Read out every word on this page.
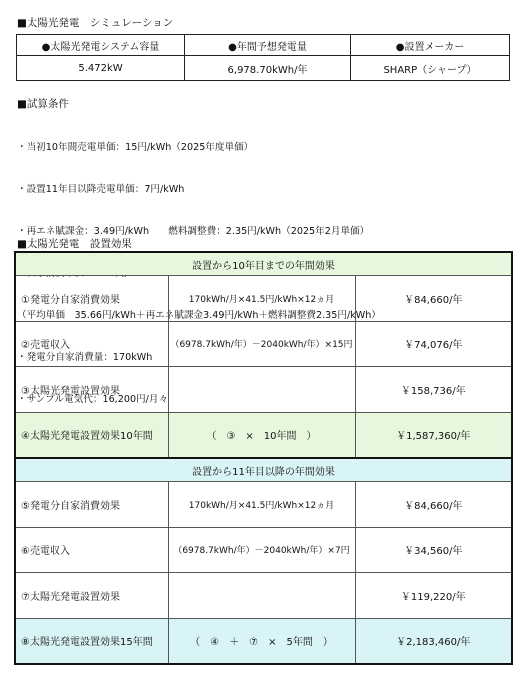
■太陽光発電　シミュレーション
●太陽光発電システム容量	●年間予想発電量	●設置メーカー
5.472kW	6,978.70kWh/年	SHARP（シャープ）
■試算条件

・当初10年間売電単価：15円/kWh（2025年度単価）

・設置11年目以降売電単価：7円/kWh

・再エネ賦課金：3.49円/kWh　　燃料調整費：2.35円/kWh（2025年2月単価）

（平均単価　35.66円/kWh＋再エネ賦課金3.49円/kWh＋燃料調整費2.35円/kWh）

・発電分自家消費量：170kWh

・サンプル電気代：16,200円/月々

■太陽光発電　設置効果
設置から10年目までの年間効果		
①発電分自家消費効果	170kWh/月×41.5円/kWh×12ヵ月	￥84,660/年
②売電収入	（6978.7kWh/年）－2040kWh/年）×15円	￥74,076/年
③太陽光発電設置効果		￥158,736/年
④太陽光発電設置効果10年間	（　③　×　10年間　）	￥1,587,360/年
設置から11年目以降の年間効果		
⑤発電分自家消費効果	170kWh/月×41.5円/kWh×12ヵ月	￥84,660/年
⑥売電収入	（6978.7kWh/年）－2040kWh/年）×7円	￥34,560/年
⑦太陽光発電設置効果		￥119,220/年
⑧太陽光発電設置効果15年間	（　④　＋　⑦　×　5年間　）	￥2,183,460/年
